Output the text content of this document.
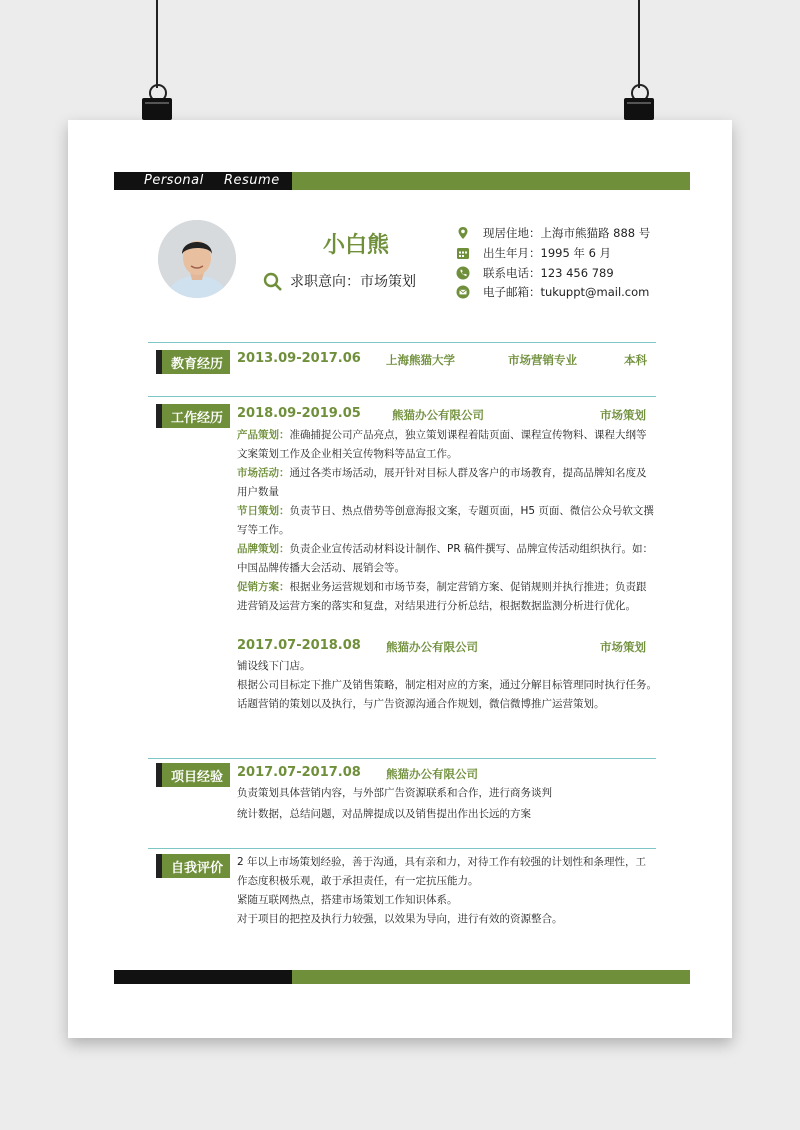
Personal Resume
小白熊
求职意向：市场策划
现居住地：上海市熊猫路 888 号
出生年月：1995 年 6 月
联系电话：123 456 789
电子邮箱：tukuppt@mail.com
教育经历	2013.09-2017.06 上海熊猫大学	市场营销专业	本科
工作经历	2018.09-2019.05	熊猫办公有限公司	市场策划
产品策划：准确捕捉公司产品亮点，独立策划课程着陆页面、课程宣传物料、课程大纲等
文案策划工作及企业相关宣传物料等品宣工作。
市场活动：通过各类市场活动，展开针对目标人群及客户的市场教育，提高品牌知名度及
用户数量
节日策划：负责节日、热点借势等创意海报文案，专题页面，H5 页面、微信公众号软文撰
写等工作。
品牌策划：负责企业宣传活动材料设计制作、PR 稿件撰写、品牌宣传活动组织执行。如：
中国品牌传播大会活动、展销会等。
促销方案：根据业务运营规划和市场节奏，制定营销方案、促销规则并执行推进；负责跟
进营销及运营方案的落实和复盘，对结果进行分析总结，根据数据监测分析进行优化。
2017.07-2018.08 熊猫办公有限公司	市场策划
铺设线下门店。
根据公司目标定下推广及销售策略，制定相对应的方案，通过分解目标管理同时执行任务。
话题营销的策划以及执行，与广告资源沟通合作规划，微信微博推广运营策划。
项目经验	2017.07-2017.08 熊猫办公有限公司
负责策划具体营销内容，与外部广告资源联系和合作，进行商务谈判
统计数据，总结问题，对品牌提成以及销售提出作出长远的方案
自我评价	2 年以上市场策划经验，善于沟通，具有亲和力，对待工作有较强的计划性和条理性，工
作态度积极乐观，敢于承担责任，有一定抗压能力。
紧随互联网热点，搭建市场策划工作知识体系。
对于项目的把控及执行力较强，以效果为导向，进行有效的资源整合。
